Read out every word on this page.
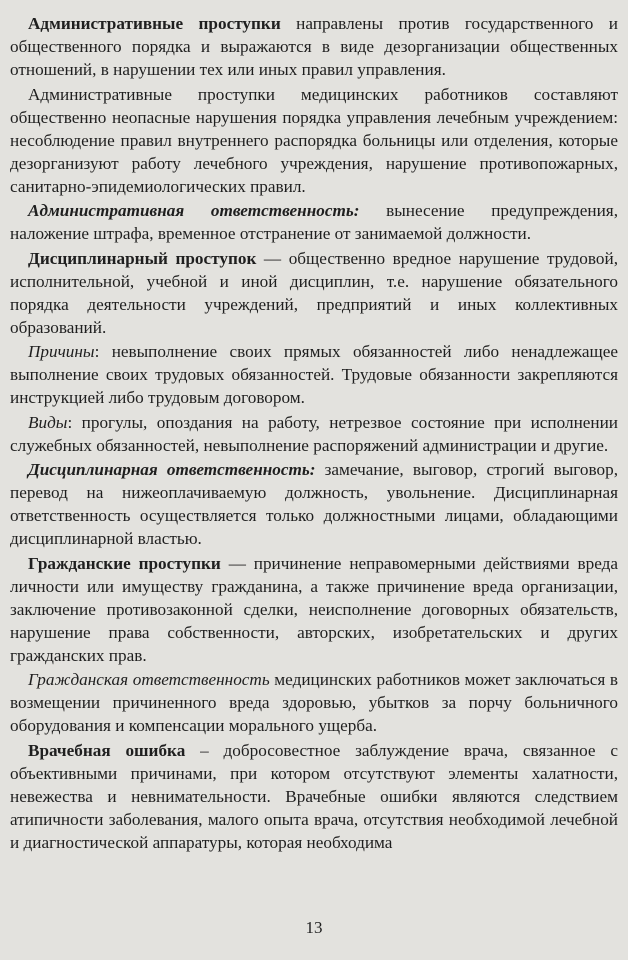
Административные проступки направлены против государственного и общественного порядка и выражаются в виде дезорганизации общественных отношений, в нарушении тех или иных правил управления.

Административные проступки медицинских работников составляют общественно неопасные нарушения порядка управления лечебным учреждением: несоблюдение правил внутреннего распорядка больницы или отделения, которые дезорганизуют работу лечебного учреждения, нарушение противопожарных, санитарно-эпидемиологических правил.

Административная ответственность: вынесение предупреждения, наложение штрафа, временное отстранение от занимаемой должности.

Дисциплинарный проступок — общественно вредное нарушение трудовой, исполнительной, учебной и иной дисциплин, т.е. нарушение обязательного порядка деятельности учреждений, предприятий и иных коллективных образований.

Причины: невыполнение своих прямых обязанностей либо ненадлежащее выполнение своих трудовых обязанностей. Трудовые обязанности закрепляются инструкцией либо трудовым договором.

Виды: прогулы, опоздания на работу, нетрезвое состояние при исполнении служебных обязанностей, невыполнение распоряжений администрации и другие.

Дисциплинарная ответственность: замечание, выговор, строгий выговор, перевод на нижеоплачиваемую должность, увольнение. Дисциплинарная ответственность осуществляется только должностными лицами, обладающими дисциплинарной властью.

Гражданские проступки — причинение неправомерными действиями вреда личности или имуществу гражданина, а также причинение вреда организации, заключение противозаконной сделки, неисполнение договорных обязательств, нарушение права собственности, авторских, изобретательских и других гражданских прав.

Гражданская ответственность медицинских работников может заключаться в возмещении причиненного вреда здоровью, убытков за порчу больничного оборудования и компенсации морального ущерба.

Врачебная ошибка – добросовестное заблуждение врача, связанное с объективными причинами, при котором отсутствуют элементы халатности, невежества и невнимательности. Врачебные ошибки являются следствием атипичности заболевания, малого опыта врача, отсутствия необходимой лечебной и диагностической аппаратуры, которая необходима

13
